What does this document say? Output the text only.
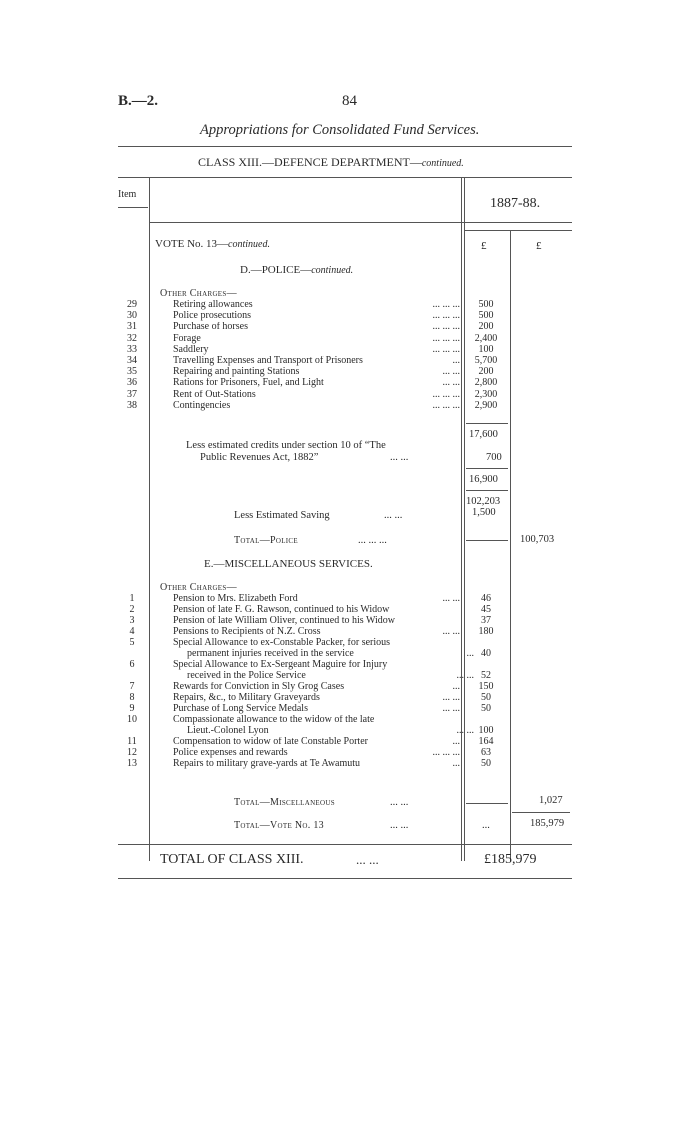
B.—2.	84
Appropriations for Consolidated Fund Services.
CLASS XIII.—DEFENCE DEPARTMENT—continued.
Item
1887-88.
VOTE No. 13—continued.	£	£
D.—POLICE—continued.
Other Charges—
29	Retiring allowances	... ... ...	500
30	Police prosecutions	... ... ...	500
31	Purchase of horses	... ... ...	200
32	Forage	... ... ...	2,400
33	Saddlery	... ... ...	100
34	Travelling Expenses and Transport of Prisoners	...	5,700
35	Repairing and painting Stations	... ...	200
36	Rations for Prisoners, Fuel, and Light	... ...	2,800
37	Rent of Out-Stations	... ... ...	2,300
38	Contingencies	... ... ...	2,900
17,600
Less estimated credits under section 10 of “The
Public Revenues Act, 1882”	... ...	700
16,900
102,203
Less Estimated Saving	... ...	1,500
Total—Police	... ... ...	100,703
E.—MISCELLANEOUS SERVICES.
Other Charges—
1	Pension to Mrs. Elizabeth Ford	... ...	46
2	Pension of late F. G. Rawson, continued to his Widow	45
3	Pension of late William Oliver, continued to his Widow	37
4	Pensions to Recipients of N.Z. Cross	... ...	180
5	Special Allowance to ex-Constable Packer, for serious
permanent injuries received in the service	... 40
6	Special Allowance to Ex-Sergeant Maguire for Injury
received in the Police Service	... ... 52
7	Rewards for Conviction in Sly Grog Cases	...	150
8	Repairs, &c., to Military Graveyards	... ...	50
9	Purchase of Long Service Medals	... ...	50
10	Compassionate allowance to the widow of the late
Lieut.-Colonel Lyon	... ... 100
11	Compensation to widow of late Constable Porter	...	164
12	Police expenses and rewards	... ... ...	63
13	Repairs to military grave-yards at Te Awamutu	...	50
Total—Miscellaneous	... ...	1,027
Total—Vote No. 13	... ...	...	185,979
TOTAL OF CLASS XIII.	... ...	£185,979
